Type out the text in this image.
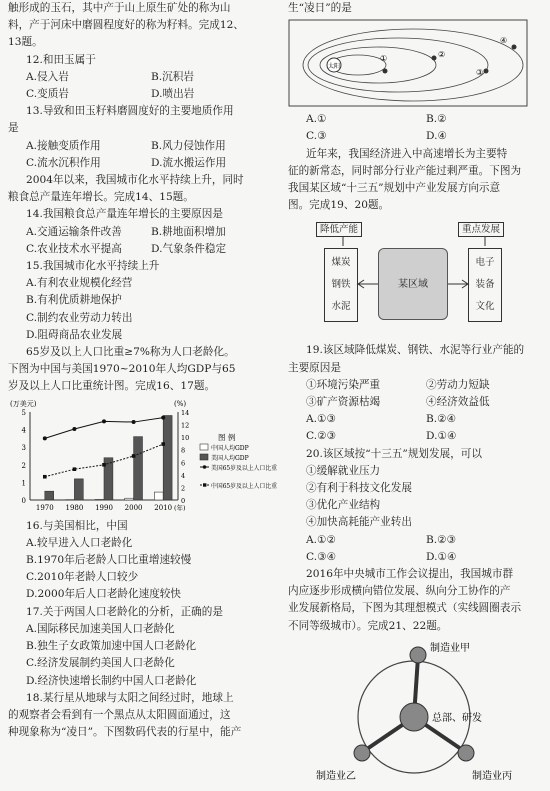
触形成的玉石，其中产于山上原生矿处的称为山

料，产于河床中磨圆程度好的称为籽料。完成12、

13题。

12.和田玉属于

A.侵入岩	B.沉积岩
C.变质岩	D.喷出岩

13.导致和田玉籽料磨圆度好的主要地质作用

是

A.接触变质作用	B.风力侵蚀作用
C.流水沉积作用	D.流水搬运作用

2004年以来，我国城市化水平持续上升，同时

粮食总产量连年增长。完成14、15题。

14.我国粮食总产量连年增长的主要原因是

A.交通运输条件改善	B.耕地面积增加
C.农业技术水平提高	D.气象条件稳定

15.我国城市化水平持续上升

A.有利农业规模化经营

B.有利优质耕地保护

C.制约农业劳动力转出

D.阻碍商品农业发展

65岁及以上人口比重≥7%称为人口老龄化。

下图为中国与美国1970~2010年人均GDP与65

岁及以上人口比重统计图。完成16、17题。

(万美元)	(%)
5
4
3
2
1
0
14
12
10
8
6
4
2
0
1970 1980 1990 2000 2010 (年)
图 例
中国人均GDP
美国人均GDP
美国65岁及以上人口比重
中国65岁及以上人口比重

16.与美国相比，中国

A.较早进入人口老龄化

B.1970年后老龄人口比重增速较慢

C.2010年老龄人口较少

D.2000年后人口老龄化速度较快

17.关于两国人口老龄化的分析，正确的是

A.国际移民加速美国人口老龄化

B.独生子女政策加速中国人口老龄化

C.经济发展制约美国人口老龄化

D.经济快速增长制约中国人口老龄化

18.某行星从地球与太阳之间经过时，地球上

的观察者会看到有一个黑点从太阳圆面通过，这

种现象称为“凌日”。下图数码代表的行星中，能产

生“凌日”的是

太阳
①	②
③
④
A.①	B.②
C.③	D.④

近年来，我国经济进入中高速增长为主要特

征的新常态，同时部分行业产能过剩严重。下图为

我国某区域“十三五”规划中产业发展方向示意

图。完成19、20题。

降低产能	重点发展
煤炭
钢铁
水泥
某区域
电子
装备
文化

19.该区域降低煤炭、钢铁、水泥等行业产能的

主要原因是

①环境污染严重	②劳动力短缺
③矿产资源枯竭	④经济效益低
A.①③	B.②④
C.②③	D.①④

20.该区域按“十三五”规划发展，可以

①缓解就业压力

②有利于科技文化发展

③优化产业结构

④加快高耗能产业转出

A.①②	B.②③
C.③④	D.①④

2016年中央城市工作会议提出，我国城市群

内应逐步形成横向错位发展、纵向分工协作的产

业发展新格局，下图为其理想模式（实线圆圈表示

不同等级城市）。完成21、22题。

制造业甲
总部、研发
制造业乙	制造业丙
